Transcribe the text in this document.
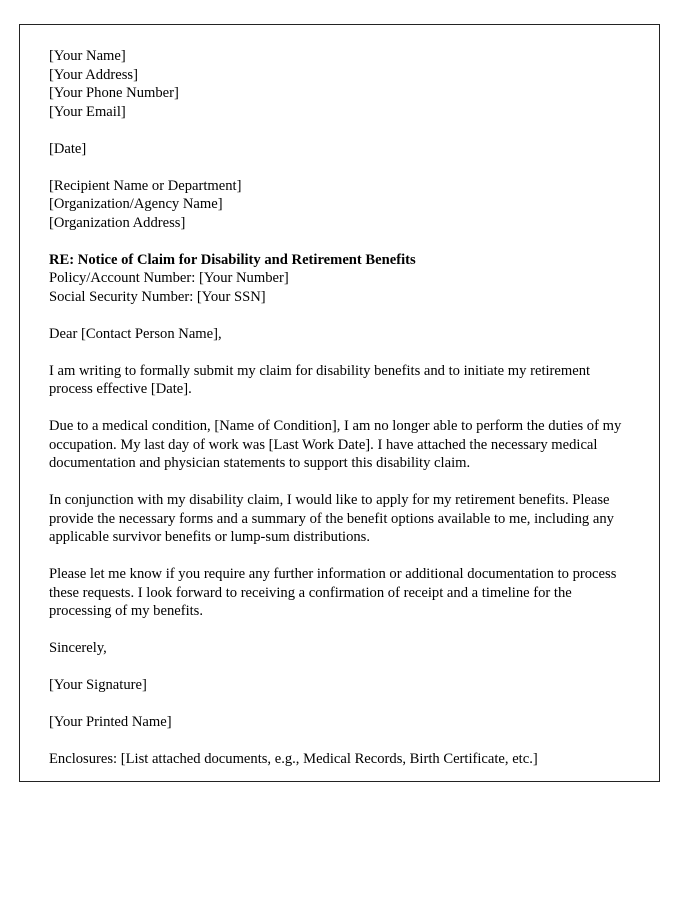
[Your Name]
[Your Address]
[Your Phone Number]
[Your Email]
[Date]
[Recipient Name or Department]
[Organization/Agency Name]
[Organization Address]
RE: Notice of Claim for Disability and Retirement Benefits
Policy/Account Number: [Your Number]
Social Security Number: [Your SSN]
Dear [Contact Person Name],

I am writing to formally submit my claim for disability benefits and to initiate my retirement process effective [Date].

Due to a medical condition, [Name of Condition], I am no longer able to perform the duties of my occupation. My last day of work was [Last Work Date]. I have attached the necessary medical documentation and physician statements to support this disability claim.

In conjunction with my disability claim, I would like to apply for my retirement benefits. Please provide the necessary forms and a summary of the benefit options available to me, including any applicable survivor benefits or lump-sum distributions.

Please let me know if you require any further information or additional documentation to process these requests. I look forward to receiving a confirmation of receipt and a timeline for the processing of my benefits.

Sincerely,
[Your Signature]
[Your Printed Name]
Enclosures: [List attached documents, e.g., Medical Records, Birth Certificate, etc.]
